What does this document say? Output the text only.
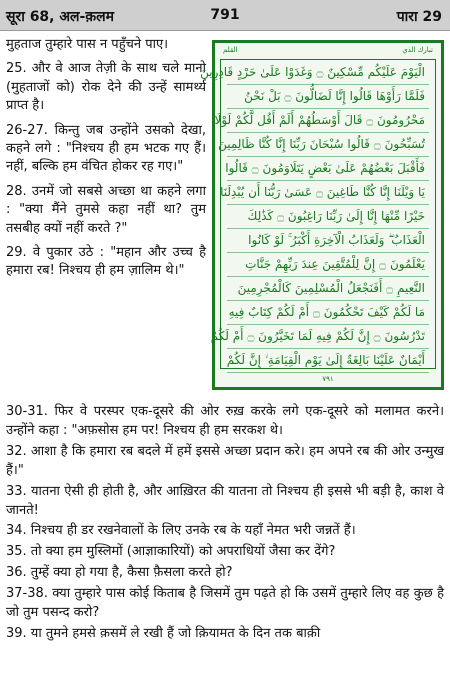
सूरा 68, अल-क़लम	791	पारा 29

मुहताज तुम्हारे पास न पहुँचने पाए।

25. और वे आज तेज़ी के साथ चले मानो (मुहताजों को) रोक देने की उन्हें सामर्थ्य प्राप्त है।

26-27. किन्तु जब उन्होंने उसको देखा, कहने लगे : "निश्चय ही हम भटक गए हैं। नहीं, बल्कि हम वंचित होकर रह गए।"

28. उनमें जो सबसे अच्छा था कहने लगा : "क्या मैंने तुमसे कहा नहीं था? तुम तसबीह क्यों नहीं करते ?"

29. वे पुकार उठे : "महान और उच्च है हमारा रब! निश्चय ही हम ज़ालिम थे।"

القلم	تبارك الذي
الْيَوْمَ عَلَيْكُم مِّسْكِينٌ ۝ وَغَدَوْا عَلَىٰ حَرْدٍ قَادِرِينَ
فَلَمَّا رَأَوْهَا قَالُوا إِنَّا لَضَالُّونَ ۝ بَلْ نَحْنُ
مَحْرُومُونَ ۝ قَالَ أَوْسَطُهُمْ أَلَمْ أَقُل لَّكُمْ لَوْلَا
تُسَبِّحُونَ ۝ قَالُوا سُبْحَانَ رَبِّنَا إِنَّا كُنَّا ظَالِمِينَ
فَأَقْبَلَ بَعْضُهُمْ عَلَىٰ بَعْضٍ يَتَلَاوَمُونَ ۝ قَالُوا
يَا وَيْلَنَا إِنَّا كُنَّا طَاغِينَ ۝ عَسَىٰ رَبُّنَا أَن يُبْدِلَنَا
خَيْرًا مِّنْهَا إِنَّا إِلَىٰ رَبِّنَا رَاغِبُونَ ۝ كَذَٰلِكَ
الْعَذَابُ ۖ وَلَعَذَابُ الْآخِرَةِ أَكْبَرُ ۚ لَوْ كَانُوا
يَعْلَمُونَ ۝ إِنَّ لِلْمُتَّقِينَ عِندَ رَبِّهِمْ جَنَّاتِ
النَّعِيمِ ۝ أَفَنَجْعَلُ الْمُسْلِمِينَ كَالْمُجْرِمِينَ
مَا لَكُمْ كَيْفَ تَحْكُمُونَ ۝ أَمْ لَكُمْ كِتَابٌ فِيهِ
تَدْرُسُونَ ۝ إِنَّ لَكُمْ فِيهِ لَمَا تَخَيَّرُونَ ۝ أَمْ لَكُمْ
أَيْمَانٌ عَلَيْنَا بَالِغَةٌ إِلَىٰ يَوْمِ الْقِيَامَةِ ۙ إِنَّ لَكُمْ
٧٩١

30-31. फिर वे परस्पर एक-दूसरे की ओर रुख़ करके लगे एक-दूसरे को मलामत करने। उन्होंने कहा : "अफ़सोस हम पर! निश्चय ही हम सरकश थे।

32. आशा है कि हमारा रब बदले में हमें इससे अच्छा प्रदान करे। हम अपने रब की ओर उन्मुख हैं।"

33. यातना ऐसी ही होती है, और आख़िरत की यातना तो निश्चय ही इससे भी बड़ी है, काश वे जानते!

34. निश्चय ही डर रखनेवालों के लिए उनके रब के यहाँ नेमत भरी जन्नतें हैं।

35. तो क्या हम मुस्लिमों (आज्ञाकारियों) को अपराधियों जैसा कर देंगे?

36. तुम्हें क्या हो गया है, कैसा फ़ैसला करते हो?

37-38. क्या तुम्हारे पास कोई किताब है जिसमें तुम पढ़ते हो कि उसमें तुम्हारे लिए वह कुछ है जो तुम पसन्द करो?

39. या तुमने हमसे क़समें ले रखी हैं जो क़ियामत के दिन तक बाक़ी
